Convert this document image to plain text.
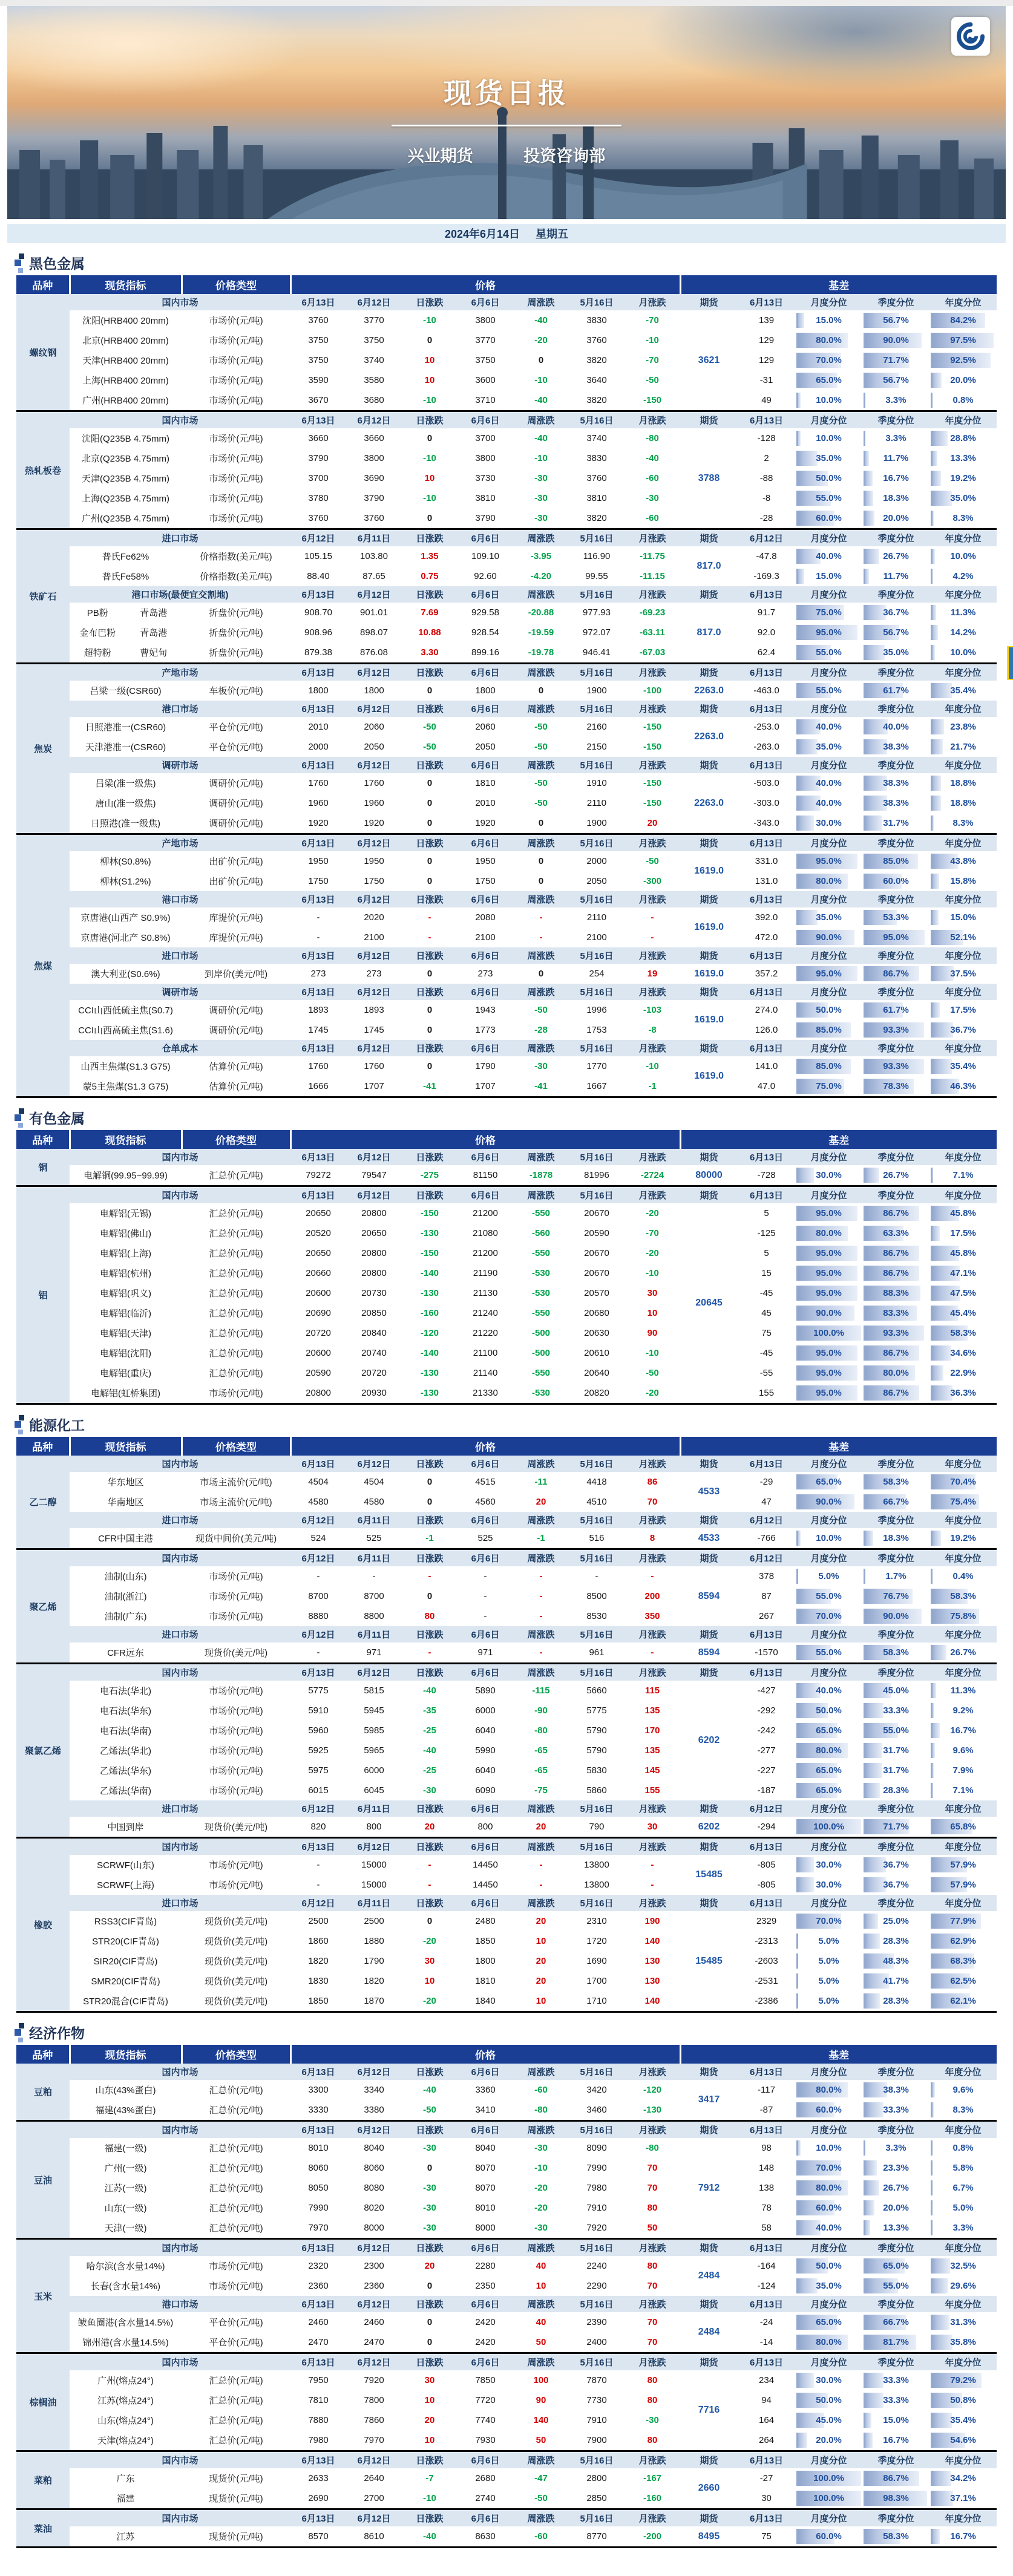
现货日报
兴业期货	投资咨询部
2024年6月14日 星期五
黑色金属
品种	现货指标	价格类型	价格							基差				
螺纹钢	国内市场		6月13日	6月12日	日涨跌	6月6日	周涨跌	5月16日	月涨跌	期货	6月13日	月度分位	季度分位	年度分位
	沈阳(HRB400 20mm)	市场价(元/吨)	3760	3770	-10	3800	-40	3830	-70	3621	139	15.0%	56.7%	84.2%
	北京(HRB400 20mm)	市场价(元/吨)	3750	3750	0	3770	-20	3760	-10		129	80.0%	90.0%	97.5%
	天津(HRB400 20mm)	市场价(元/吨)	3750	3740	10	3750	0	3820	-70		129	70.0%	71.7%	92.5%
	上海(HRB400 20mm)	市场价(元/吨)	3590	3580	10	3600	-10	3640	-50		-31	65.0%	56.7%	20.0%
	广州(HRB400 20mm)	市场价(元/吨)	3670	3680	-10	3710	-40	3820	-150		49	10.0%	3.3%	0.8%
热轧板卷	国内市场		6月13日	6月12日	日涨跌	6月6日	周涨跌	5月16日	月涨跌	期货	6月13日	月度分位	季度分位	年度分位
	沈阳(Q235B 4.75mm)	市场价(元/吨)	3660	3660	0	3700	-40	3740	-80	3788	-128	10.0%	3.3%	28.8%
	北京(Q235B 4.75mm)	市场价(元/吨)	3790	3800	-10	3800	-10	3830	-40		2	35.0%	11.7%	13.3%
	天津(Q235B 4.75mm)	市场价(元/吨)	3700	3690	10	3730	-30	3760	-60		-88	50.0%	16.7%	19.2%
	上海(Q235B 4.75mm)	市场价(元/吨)	3780	3790	-10	3810	-30	3810	-30		-8	55.0%	18.3%	35.0%
	广州(Q235B 4.75mm)	市场价(元/吨)	3760	3760	0	3790	-30	3820	-60		-28	60.0%	20.0%	8.3%
铁矿石	进口市场		6月12日	6月11日	日涨跌	6月6日	周涨跌	5月16日	月涨跌	期货	6月12日	月度分位	季度分位	年度分位
	普氏Fe62%	价格指数(美元/吨)	105.15	103.80	1.35	109.10	-3.95	116.90	-11.75	817.0	-47.8	40.0%	26.7%	10.0%
	普氏Fe58%	价格指数(美元/吨)	88.40	87.65	0.75	92.60	-4.20	99.55	-11.15		-169.3	15.0%	11.7%	4.2%
	港口市场(最便宜交割地)		6月13日	6月12日	日涨跌	6月6日	周涨跌	5月16日	月涨跌	期货	6月13日	月度分位	季度分位	年度分位

	PB粉 青岛港	折盘价(元/吨)	908.70	901.01	7.69	929.58	-20.88	977.93	-69.23	817.0	91.7	75.0%	36.7%	11.3%

	金布巴粉 青岛港	折盘价(元/吨)	908.96	898.07	10.88	928.54	-19.59	972.07	-63.11		92.0	95.0%	56.7%	14.2%

	超特粉 曹妃甸	折盘价(元/吨)	879.38	876.08	3.30	899.16	-19.78	946.41	-67.03		62.4	55.0%	35.0%	10.0%
焦炭	产地市场		6月13日	6月12日	日涨跌	6月6日	周涨跌	5月16日	月涨跌	期货	6月13日	月度分位	季度分位	年度分位
	吕梁一级(CSR60)	车板价(元/吨)	1800	1800	0	1800	0	1900	-100	2263.0	-463.0	55.0%	61.7%	35.4%
	港口市场		6月13日	6月12日	日涨跌	6月6日	周涨跌	5月16日	月涨跌	期货	6月13日	月度分位	季度分位	年度分位
	日照港准一(CSR60)	平仓价(元/吨)	2010	2060	-50	2060	-50	2160	-150	2263.0	-253.0	40.0%	40.0%	23.8%
	天津港准一(CSR60)	平仓价(元/吨)	2000	2050	-50	2050	-50	2150	-150		-263.0	35.0%	38.3%	21.7%
	调研市场		6月13日	6月12日	日涨跌	6月6日	周涨跌	5月16日	月涨跌	期货	6月13日	月度分位	季度分位	年度分位
	吕梁(准一级焦)	调研价(元/吨)	1760	1760	0	1810	-50	1910	-150	2263.0	-503.0	40.0%	38.3%	18.8%
	唐山(准一级焦)	调研价(元/吨)	1960	1960	0	2010	-50	2110	-150		-303.0	40.0%	38.3%	18.8%
	日照港(准一级焦)	调研价(元/吨)	1920	1920	0	1920	0	1900	20		-343.0	30.0%	31.7%	8.3%
焦煤	产地市场		6月13日	6月12日	日涨跌	6月6日	周涨跌	5月16日	月涨跌	期货	6月13日	月度分位	季度分位	年度分位
	柳林(S0.8%)	出矿价(元/吨)	1950	1950	0	1950	0	2000	-50	1619.0	331.0	95.0%	85.0%	43.8%
	柳林(S1.2%)	出矿价(元/吨)	1750	1750	0	1750	0	2050	-300		131.0	80.0%	60.0%	15.8%
	港口市场		6月13日	6月12日	日涨跌	6月6日	周涨跌	5月16日	月涨跌	期货	6月13日	月度分位	季度分位	年度分位
	京唐港(山西产 S0.9%)	库提价(元/吨)	-	2020	-	2080	-	2110	-	1619.0	392.0	35.0%	53.3%	15.0%
	京唐港(河北产 S0.8%)	库提价(元/吨)	-	2100	-	2100	-	2100	-		472.0	90.0%	95.0%	52.1%
	进口市场		6月13日	6月12日	日涨跌	6月6日	周涨跌	5月16日	月涨跌	期货	6月13日	月度分位	季度分位	年度分位
	澳大利亚(S0.6%)	到岸价(美元/吨)	273	273	0	273	0	254	19	1619.0	357.2	95.0%	86.7%	37.5%
	调研市场		6月13日	6月12日	日涨跌	6月6日	周涨跌	5月16日	月涨跌	期货	6月13日	月度分位	季度分位	年度分位
	CCI山西低硫主焦(S0.7)	调研价(元/吨)	1893	1893	0	1943	-50	1996	-103	1619.0	274.0	50.0%	61.7%	17.5%
	CCI山西高硫主焦(S1.6)	调研价(元/吨)	1745	1745	0	1773	-28	1753	-8		126.0	85.0%	93.3%	36.7%
	仓单成本		6月13日	6月12日	日涨跌	6月6日	周涨跌	5月16日	月涨跌	期货	6月13日	月度分位	季度分位	年度分位
	山西主焦煤(S1.3 G75)	估算价(元/吨)	1760	1760	0	1790	-30	1770	-10	1619.0	141.0	85.0%	93.3%	35.4%
	蒙5主焦煤(S1.3 G75)	估算价(元/吨)	1666	1707	-41	1707	-41	1667	-1		47.0	75.0%	78.3%	46.3%
有色金属
品种	现货指标	价格类型	价格							基差				
铜	国内市场		6月13日	6月12日	日涨跌	6月6日	周涨跌	5月16日	月涨跌	期货	6月13日	月度分位	季度分位	年度分位
	电解铜(99.95~99.99)	汇总价(元/吨)	79272	79547	-275	81150	-1878	81996	-2724	80000	-728	30.0%	26.7%	7.1%
铝	国内市场		6月13日	6月12日	日涨跌	6月6日	周涨跌	5月16日	月涨跌	期货	6月13日	月度分位	季度分位	年度分位
	电解铝(无锡)	汇总价(元/吨)	20650	20800	-150	21200	-550	20670	-20	20645	5	95.0%	86.7%	45.8%
	电解铝(佛山)	汇总价(元/吨)	20520	20650	-130	21080	-560	20590	-70		-125	80.0%	63.3%	17.5%
	电解铝(上海)	汇总价(元/吨)	20650	20800	-150	21200	-550	20670	-20		5	95.0%	86.7%	45.8%
	电解铝(杭州)	汇总价(元/吨)	20660	20800	-140	21190	-530	20670	-10		15	95.0%	86.7%	47.1%
	电解铝(巩义)	汇总价(元/吨)	20600	20730	-130	21130	-530	20570	30		-45	95.0%	88.3%	47.5%
	电解铝(临沂)	汇总价(元/吨)	20690	20850	-160	21240	-550	20680	10		45	90.0%	83.3%	45.4%
	电解铝(天津)	汇总价(元/吨)	20720	20840	-120	21220	-500	20630	90		75	100.0%	93.3%	58.3%
	电解铝(沈阳)	汇总价(元/吨)	20600	20740	-140	21100	-500	20610	-10		-45	95.0%	86.7%	34.6%
	电解铝(重庆)	汇总价(元/吨)	20590	20720	-130	21140	-550	20640	-50		-55	95.0%	80.0%	22.9%
	电解铝(虹桥集团)	市场价(元/吨)	20800	20930	-130	21330	-530	20820	-20		155	95.0%	86.7%	36.3%
能源化工
品种	现货指标	价格类型	价格							基差				
乙二醇	国内市场		6月13日	6月12日	日涨跌	6月6日	周涨跌	5月16日	月涨跌	期货	6月13日	月度分位	季度分位	年度分位
	华东地区	市场主流价(元/吨)	4504	4504	0	4515	-11	4418	86	4533	-29	65.0%	58.3%	70.4%
	华南地区	市场主流价(元/吨)	4580	4580	0	4560	20	4510	70		47	90.0%	66.7%	75.4%
	进口市场		6月12日	6月11日	日涨跌	6月6日	周涨跌	5月16日	月涨跌	期货	6月12日	月度分位	季度分位	年度分位
	CFR中国主港	现货中间价(美元/吨)	524	525	-1	525	-1	516	8	4533	-766	10.0%	18.3%	19.2%
聚乙烯	国内市场		6月12日	6月11日	日涨跌	6月6日	周涨跌	5月16日	月涨跌	期货	6月12日	月度分位	季度分位	年度分位
	油制(山东)	市场价(元/吨)	-	-	-	-	-	-	-	8594	378	5.0%	1.7%	0.4%
	油制(浙江)	市场价(元/吨)	8700	8700	0	-	-	8500	200		87	55.0%	76.7%	58.3%
	油制(广东)	市场价(元/吨)	8880	8800	80	-	-	8530	350		267	70.0%	90.0%	75.8%
	进口市场		6月12日	6月11日	日涨跌	6月6日	周涨跌	5月16日	月涨跌	期货	6月13日	月度分位	季度分位	年度分位
	CFR远东	现货价(美元/吨)	-	971	-	971	-	961	-	8594	-1570	55.0%	58.3%	26.7%
聚氯乙烯	国内市场		6月13日	6月12日	日涨跌	6月6日	周涨跌	5月16日	月涨跌	期货	6月13日	月度分位	季度分位	年度分位
	电石法(华北)	市场价(元/吨)	5775	5815	-40	5890	-115	5660	115	6202	-427	40.0%	45.0%	11.3%
	电石法(华东)	市场价(元/吨)	5910	5945	-35	6000	-90	5775	135		-292	50.0%	33.3%	9.2%
	电石法(华南)	市场价(元/吨)	5960	5985	-25	6040	-80	5790	170		-242	65.0%	55.0%	16.7%
	乙烯法(华北)	市场价(元/吨)	5925	5965	-40	5990	-65	5790	135		-277	80.0%	31.7%	9.6%
	乙烯法(华东)	市场价(元/吨)	5975	6000	-25	6040	-65	5830	145		-227	65.0%	31.7%	7.9%
	乙烯法(华南)	市场价(元/吨)	6015	6045	-30	6090	-75	5860	155		-187	65.0%	28.3%	7.1%
	进口市场		6月12日	6月11日	日涨跌	6月6日	周涨跌	5月16日	月涨跌	期货	6月12日	月度分位	季度分位	年度分位
	中国到岸	现货价(美元/吨)	820	800	20	800	20	790	30	6202	-294	100.0%	71.7%	65.8%
橡胶	国内市场		6月13日	6月12日	日涨跌	6月6日	周涨跌	5月16日	月涨跌	期货	6月13日	月度分位	季度分位	年度分位
	SCRWF(山东)	市场价(元/吨)	-	15000	-	14450	-	13800	-	15485	-805	30.0%	36.7%	57.9%
	SCRWF(上海)	市场价(元/吨)	-	15000	-	14450	-	13800	-		-805	30.0%	36.7%	57.9%
	进口市场		6月12日	6月11日	日涨跌	6月6日	周涨跌	5月16日	月涨跌	期货	6月13日	月度分位	季度分位	年度分位
	RSS3(CIF青岛)	现货价(美元/吨)	2500	2500	0	2480	20	2310	190	15485	2329	70.0%	25.0%	77.9%
	STR20(CIF青岛)	现货价(美元/吨)	1860	1880	-20	1850	10	1720	140		-2313	5.0%	28.3%	62.9%
	SIR20(CIF青岛)	现货价(美元/吨)	1820	1790	30	1800	20	1690	130		-2603	5.0%	48.3%	68.3%
	SMR20(CIF青岛)	现货价(美元/吨)	1830	1820	10	1810	20	1700	130		-2531	5.0%	41.7%	62.5%
	STR20混合(CIF青岛)	现货价(美元/吨)	1850	1870	-20	1840	10	1710	140		-2386	5.0%	28.3%	62.1%
经济作物
品种	现货指标	价格类型	价格							基差				
豆粕	国内市场		6月13日	6月12日	日涨跌	6月6日	周涨跌	5月16日	月涨跌	期货	6月13日	月度分位	季度分位	年度分位
	山东(43%蛋白)	汇总价(元/吨)	3300	3340	-40	3360	-60	3420	-120	3417	-117	80.0%	38.3%	9.6%
	福建(43%蛋白)	汇总价(元/吨)	3330	3380	-50	3410	-80	3460	-130		-87	60.0%	33.3%	8.3%
豆油	国内市场		6月13日	6月12日	日涨跌	6月6日	周涨跌	5月16日	月涨跌	期货	6月13日	月度分位	季度分位	年度分位
	福建(一级)	汇总价(元/吨)	8010	8040	-30	8040	-30	8090	-80	7912	98	10.0%	3.3%	0.8%
	广州(一级)	汇总价(元/吨)	8060	8060	0	8070	-10	7990	70		148	70.0%	23.3%	5.8%
	江苏(一级)	汇总价(元/吨)	8050	8080	-30	8070	-20	7980	70		138	80.0%	26.7%	6.7%
	山东(一级)	汇总价(元/吨)	7990	8020	-30	8010	-20	7910	80		78	60.0%	20.0%	5.0%
	天津(一级)	汇总价(元/吨)	7970	8000	-30	8000	-30	7920	50		58	40.0%	13.3%	3.3%
玉米	国内市场		6月13日	6月12日	日涨跌	6月6日	周涨跌	5月16日	月涨跌	期货	6月13日	月度分位	季度分位	年度分位
	哈尔滨(含水量14%)	市场价(元/吨)	2320	2300	20	2280	40	2240	80	2484	-164	50.0%	65.0%	32.5%
	长春(含水量14%)	市场价(元/吨)	2360	2360	0	2350	10	2290	70		-124	35.0%	55.0%	29.6%
	港口市场		6月13日	6月12日	日涨跌	6月6日	周涨跌	5月16日	月涨跌	期货	6月13日	月度分位	季度分位	年度分位
	鲅鱼圈港(含水量14.5%)	平仓价(元/吨)	2460	2460	0	2420	40	2390	70	2484	-24	65.0%	66.7%	31.3%
	锦州港(含水量14.5%)	平仓价(元/吨)	2470	2470	0	2420	50	2400	70		-14	80.0%	81.7%	35.8%
棕榈油	国内市场		6月13日	6月12日	日涨跌	6月6日	周涨跌	5月16日	月涨跌	期货	6月13日	月度分位	季度分位	年度分位
	广州(熔点24°)	汇总价(元/吨)	7950	7920	30	7850	100	7870	80	7716	234	30.0%	33.3%	79.2%
	江苏(熔点24°)	汇总价(元/吨)	7810	7800	10	7720	90	7730	80		94	50.0%	33.3%	50.8%
	山东(熔点24°)	汇总价(元/吨)	7880	7860	20	7740	140	7910	-30		164	45.0%	15.0%	35.4%
	天津(熔点24°)	汇总价(元/吨)	7980	7970	10	7930	50	7900	80		264	20.0%	16.7%	54.6%
菜粕	国内市场		6月13日	6月12日	日涨跌	6月6日	周涨跌	5月16日	月涨跌	期货	6月13日	月度分位	季度分位	年度分位
	广东	现货价(元/吨)	2633	2640	-7	2680	-47	2800	-167	2660	-27	100.0%	86.7%	34.2%
	福建	现货价(元/吨)	2690	2700	-10	2740	-50	2850	-160		30	100.0%	98.3%	37.1%
菜油	国内市场		6月13日	6月12日	日涨跌	6月6日	周涨跌	5月16日	月涨跌	期货	6月13日	月度分位	季度分位	年度分位
	江苏	现货价(元/吨)	8570	8610	-40	8630	-60	8770	-200	8495	75	60.0%	58.3%	16.7%
